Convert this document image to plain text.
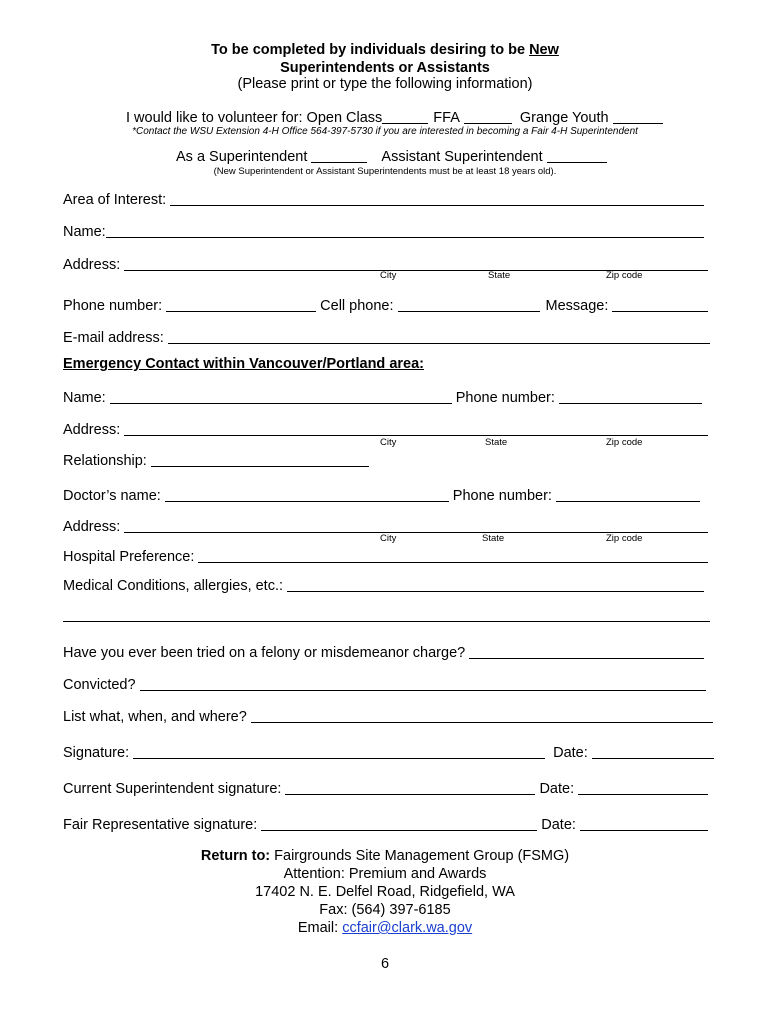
To be completed by individuals desiring to be New
Superintendents or Assistants
(Please print or type the following information)
I would like to volunteer for: Open Class	FFA	Grange Youth
*Contact the WSU Extension 4-H Office 564-397-5730 if you are interested in becoming a Fair 4-H Superintendent
As a Superintendent	Assistant Superintendent
(New Superintendent or Assistant Superintendents must be at least 18 years old).
Area of Interest:
Name:
Address:
City	State	Zip code
Phone number:	Cell phone:	Message:
E-mail address:
Emergency Contact within Vancouver/Portland area:
Name:	Phone number:
Address:
City	State	Zip code
Relationship:
Doctor’s name:	Phone number:
Address:
City	State	Zip code
Hospital Preference:
Medical Conditions, allergies, etc.:
Have you ever been tried on a felony or misdemeanor charge?
Convicted?
List what, when, and where?
Signature:	Date:
Current Superintendent signature:	Date:
Fair Representative signature:	Date:
Return to: Fairgrounds Site Management Group (FSMG)
Attention: Premium and Awards
17402 N. E. Delfel Road, Ridgefield, WA
Fax: (564) 397-6185
Email: ccfair@clark.wa.gov
6
